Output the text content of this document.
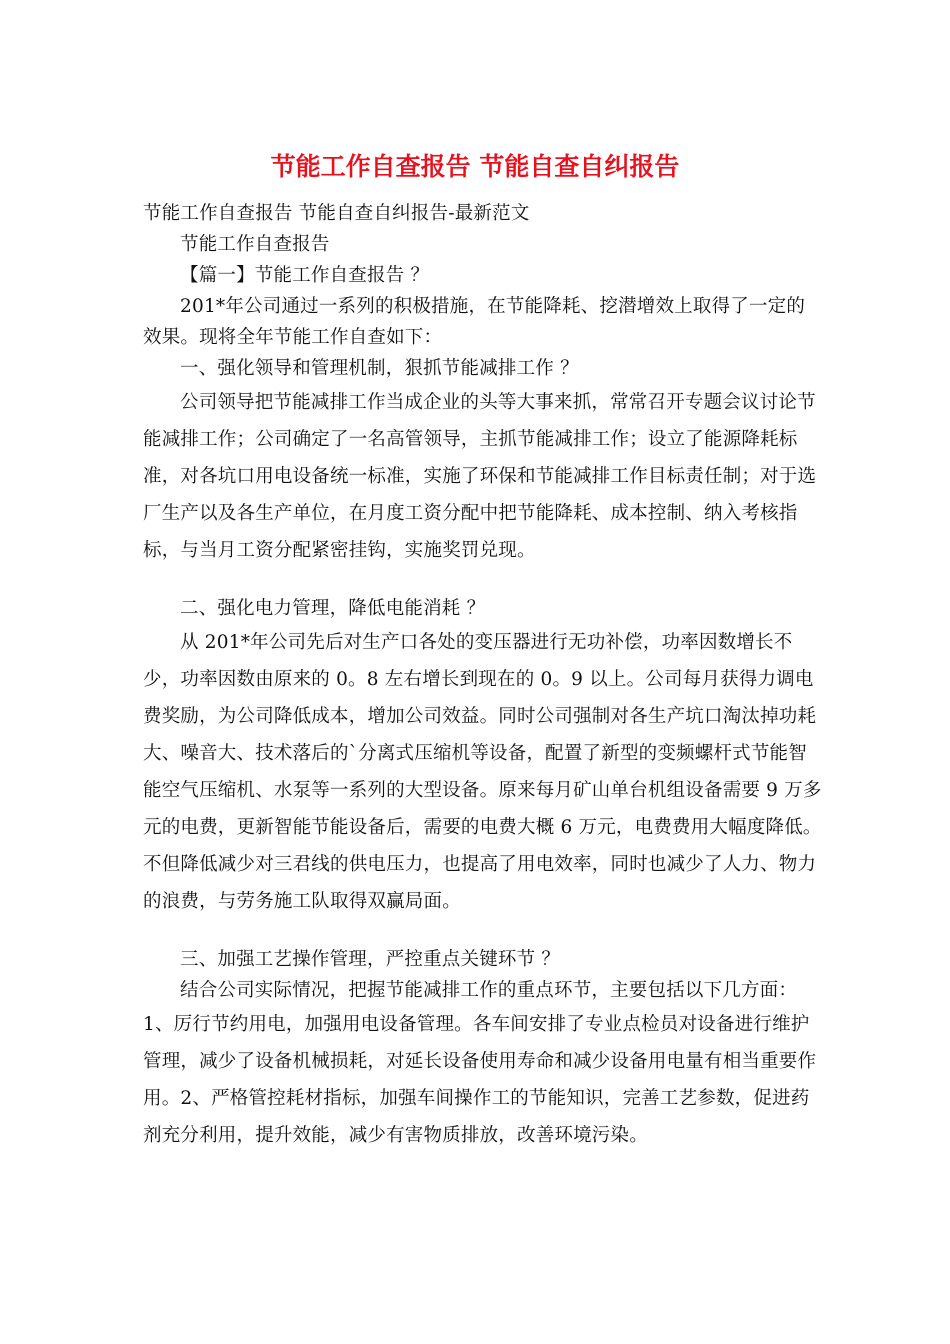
节能工作自查报告 节能自查自纠报告

节能工作自查报告 节能自查自纠报告-最新范文

节能工作自查报告

【篇一】节能工作自查报告 ？

201*年公司通过一系列的积极措施，在节能降耗、挖潜增效上取得了一定的效果。现将全年节能工作自查如下：

一、强化领导和管理机制，狠抓节能减排工作 ？

公司领导把节能减排工作当成企业的头等大事来抓，常常召开专题会议讨论节能减排工作；公司确定了一名高管领导，主抓节能减排工作；设立了能源降耗标准，对各坑口用电设备统一标准，实施了环保和节能减排工作目标责任制；对于选厂生产以及各生产单位，在月度工资分配中把节能降耗、成本控制、纳入考核指标，与当月工资分配紧密挂钩，实施奖罚兑现。

二、强化电力管理，降低电能消耗 ？

从 201*年公司先后对生产口各处的变压器进行无功补偿，功率因数增长不少，功率因数由原来的 0。8 左右增长到现在的 0。9 以上。公司每月获得力调电费奖励，为公司降低成本，增加公司效益。同时公司强制对各生产坑口淘汰掉功耗大、噪音大、技术落后的`分离式压缩机等设备，配置了新型的变频螺杆式节能智能空气压缩机、水泵等一系列的大型设备。原来每月矿山单台机组设备需要 9 万多元的电费，更新智能节能设备后，需要的电费大概 6 万元，电费费用大幅度降低。不但降低减少对三君线的供电压力，也提高了用电效率，同时也减少了人力、物力的浪费，与劳务施工队取得双赢局面。

三、加强工艺操作管理，严控重点关键环节 ？

结合公司实际情况，把握节能减排工作的重点环节，主要包括以下几方面：

1、厉行节约用电，加强用电设备管理。各车间安排了专业点检员对设备进行维护管理，减少了设备机械损耗，对延长设备使用寿命和减少设备用电量有相当重要作用。2、严格管控耗材指标，加强车间操作工的节能知识，完善工艺参数，促进药剂充分利用，提升效能，减少有害物质排放，改善环境污染。
